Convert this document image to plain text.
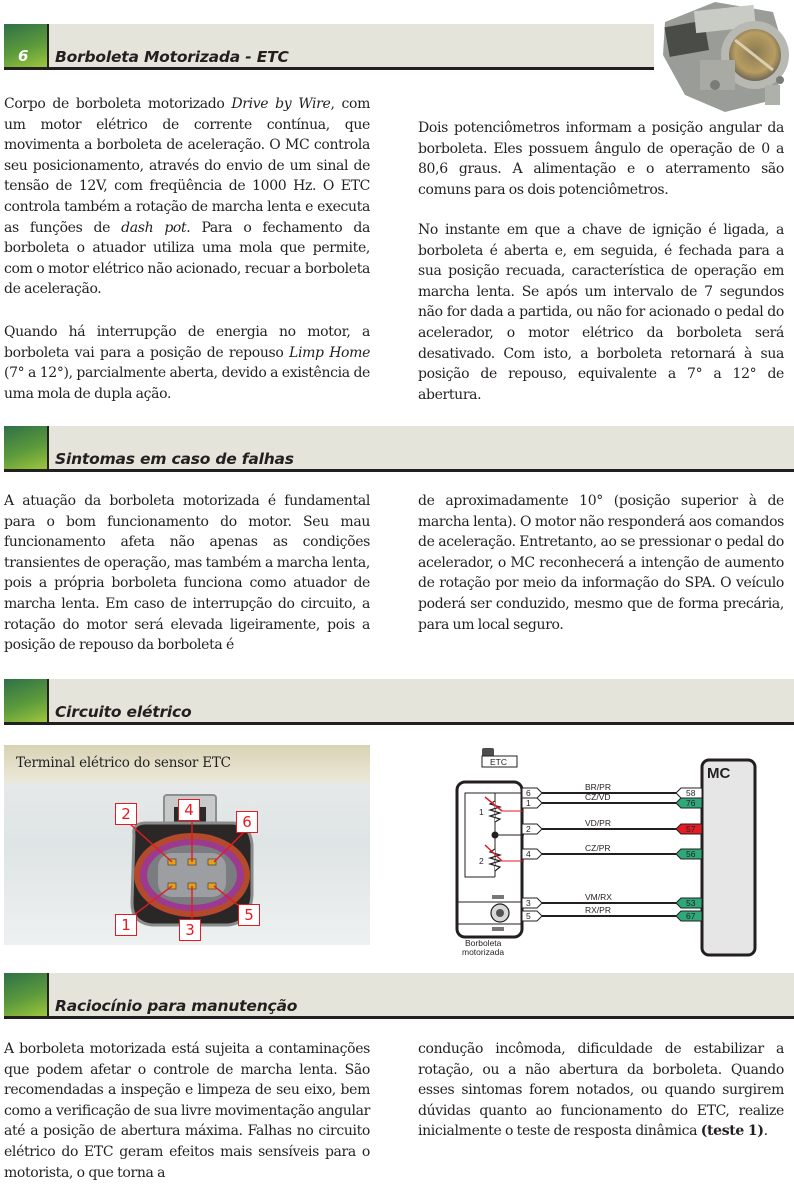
6 Borboleta Motorizada - ETC

Corpo de borboleta motorizado Drive by Wire, com um motor elétrico de corrente contínua, que movimenta a borboleta de aceleração. O MC controla seu posicionamento, através do envio de um sinal de tensão de 12V, com freqüência de 1000 Hz. O ETC controla também a rotação de marcha lenta e executa as funções de dash pot. Para o fechamento da borboleta o atuador utiliza uma mola que permite, com o motor elétrico não acionado, recuar a borboleta de aceleração.

Quando há interrupção de energia no motor, a borboleta vai para a posição de repouso Limp Home (7° a 12°), parcialmente aberta, devido a existência de uma mola de dupla ação.

Dois potenciômetros informam a posição angular da borboleta. Eles possuem ângulo de operação de 0 a 80,6 graus. A alimentação e o aterramento são comuns para os dois potenciômetros.

No instante em que a chave de ignição é ligada, a borboleta é aberta e, em seguida, é fechada para a sua posição recuada, característica de operação em marcha lenta. Se após um intervalo de 7 segundos não for dada a partida, ou não for acionado o pedal do acelerador, o motor elétrico da borboleta será desativado. Com isto, a borboleta retornará à sua posição de repouso, equivalente a 7° a 12° de abertura.

Sintomas em caso de falhas

A atuação da borboleta motorizada é fundamental para o bom funcionamento do motor. Seu mau funcionamento afeta não apenas as condições transientes de operação, mas também a marcha lenta, pois a própria borboleta funciona como atuador de marcha lenta. Em caso de interrupção do circuito, a rotação do motor será elevada ligeiramente, pois a posição de repouso da borboleta é

de aproximadamente 10° (posição superior à de marcha lenta). O motor não responderá aos comandos de aceleração. Entretanto, ao se pressionar o pedal do acelerador, o MC reconhecerá a intenção de aumento de rotação por meio da informação do SPA. O veículo poderá ser conduzido, mesmo que de forma precária, para um local seguro.

Circuito elétrico
Terminal elétrico do sensor ETC
2	4
6
1	3
5
ETC
1
2
Borboleta
motorizada
MC
6
BR/PR
58
1
CZ/VD
76
2
VD/PR
57
4
CZ/PR
56
3
VM/RX
53
5
RX/PR
67
Raciocínio para manutenção

A borboleta motorizada está sujeita a contaminações que podem afetar o controle de marcha lenta. São recomendadas a inspeção e limpeza de seu eixo, bem como a verificação de sua livre movimentação angular até a posição de abertura máxima. Falhas no circuito elétrico do ETC geram efeitos mais sensíveis para o motorista, o que torna a

condução incômoda, dificuldade de estabilizar a rotação, ou a não abertura da borboleta. Quando esses sintomas forem notados, ou quando surgirem dúvidas quanto ao funcionamento do ETC, realize inicialmente o teste de resposta dinâmica (teste 1).
